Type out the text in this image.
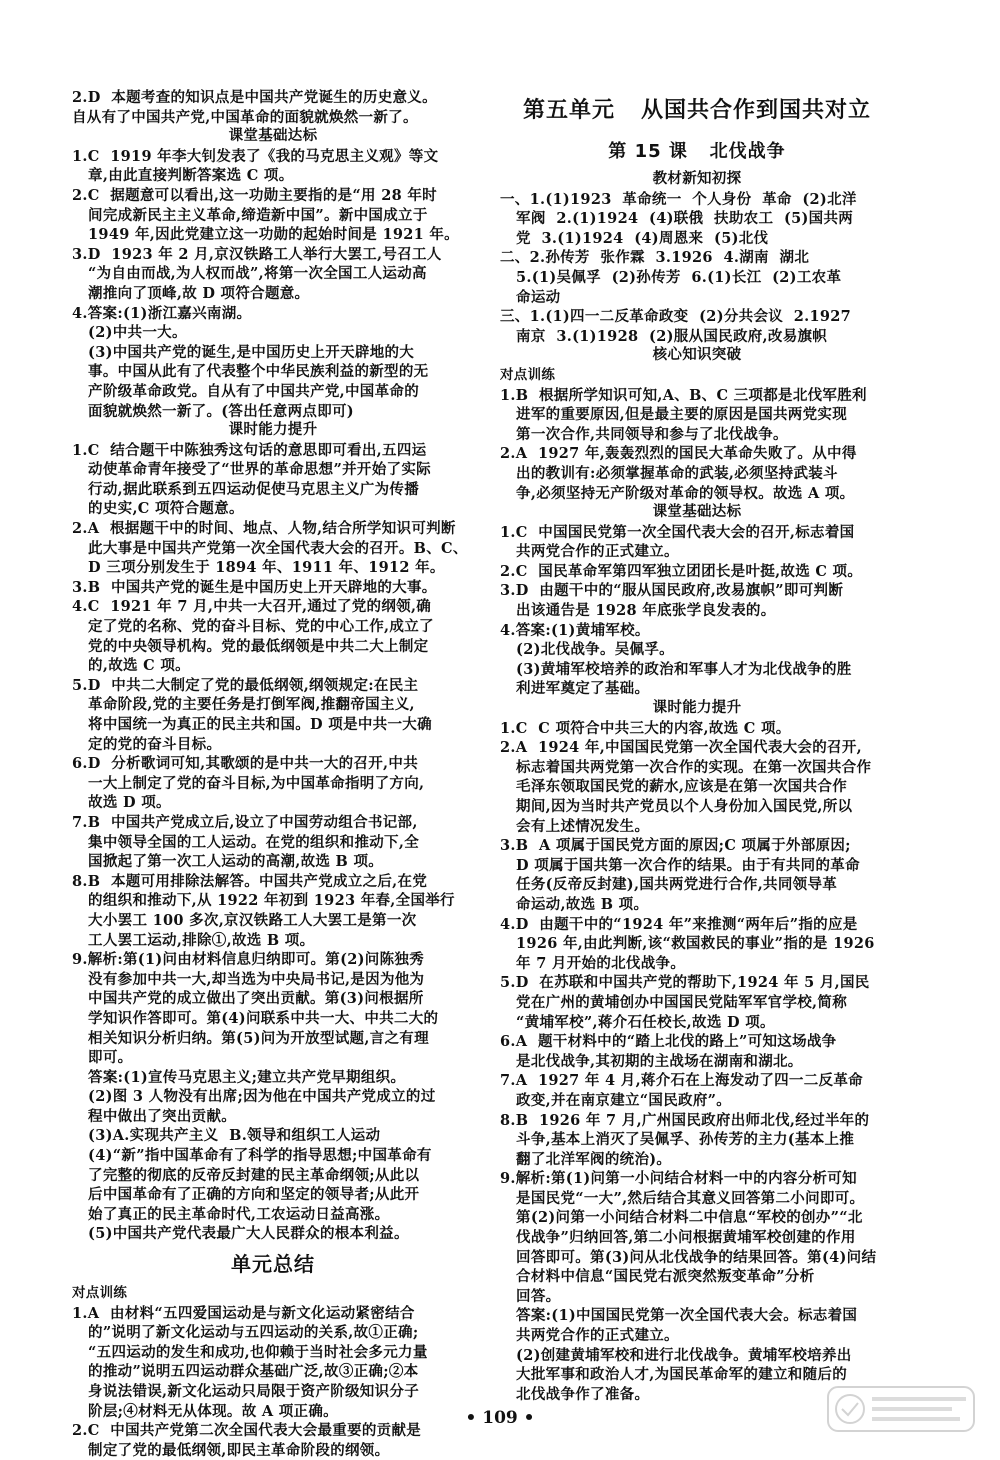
2.D  本题考查的知识点是中国共产党诞生的历史意义。
自从有了中国共产党,中国革命的面貌就焕然一新了。
课堂基础达标
1.C  1919 年李大钊发表了《我的马克思主义观》等文
章,由此直接判断答案选 C 项。
2.C  据题意可以看出,这一功勋主要指的是“用 28 年时
间完成新民主主义革命,缔造新中国”。新中国成立于
1949 年,因此党建立这一功勋的起始时间是 1921 年。
3.D  1923 年 2 月,京汉铁路工人举行大罢工,号召工人
“为自由而战,为人权而战”,将第一次全国工人运动高
潮推向了顶峰,故 D 项符合题意。
4.答案:(1)浙江嘉兴南湖。
(2)中共一大。
(3)中国共产党的诞生,是中国历史上开天辟地的大
事。中国从此有了代表整个中华民族利益的新型的无
产阶级革命政党。自从有了中国共产党,中国革命的
面貌就焕然一新了。(答出任意两点即可)
课时能力提升
1.C  结合题干中陈独秀这句话的意思即可看出,五四运
动使革命青年接受了“世界的革命思想”并开始了实际
行动,据此联系到五四运动促使马克思主义广为传播
的史实,C 项符合题意。
2.A  根据题干中的时间、地点、人物,结合所学知识可判断
此大事是中国共产党第一次全国代表大会的召开。B、C、
D 三项分别发生于 1894 年、1911 年、1912 年。
3.B  中国共产党的诞生是中国历史上开天辟地的大事。
4.C  1921 年 7 月,中共一大召开,通过了党的纲领,确
定了党的名称、党的奋斗目标、党的中心工作,成立了
党的中央领导机构。党的最低纲领是中共二大上制定
的,故选 C 项。
5.D  中共二大制定了党的最低纲领,纲领规定:在民主
革命阶段,党的主要任务是打倒军阀,推翻帝国主义,
将中国统一为真正的民主共和国。D 项是中共一大确
定的党的奋斗目标。
6.D  分析歌词可知,其歌颂的是中共一大的召开,中共
一大上制定了党的奋斗目标,为中国革命指明了方向,
故选 D 项。
7.B  中国共产党成立后,设立了中国劳动组合书记部,
集中领导全国的工人运动。在党的组织和推动下,全
国掀起了第一次工人运动的高潮,故选 B 项。
8.B  本题可用排除法解答。中国共产党成立之后,在党
的组织和推动下,从 1922 年初到 1923 年春,全国举行
大小罢工 100 多次,京汉铁路工人大罢工是第一次
工人罢工运动,排除①,故选 B 项。
9.解析:第(1)问由材料信息归纳即可。第(2)问陈独秀
没有参加中共一大,却当选为中央局书记,是因为他为
中国共产党的成立做出了突出贡献。第(3)问根据所
学知识作答即可。第(4)问联系中共一大、中共二大的
相关知识分析归纳。第(5)问为开放型试题,言之有理
即可。
答案:(1)宣传马克思主义;建立共产党早期组织。
(2)图 3 人物没有出席;因为他在中国共产党成立的过
程中做出了突出贡献。
(3)A.实现共产主义  B.领导和组织工人运动
(4)“新”指中国革命有了科学的指导思想;中国革命有
了完整的彻底的反帝反封建的民主革命纲领;从此以
后中国革命有了正确的方向和坚定的领导者;从此开
始了真正的民主革命时代,工农运动日益高涨。
(5)中国共产党代表最广大人民群众的根本利益。
单元总结
对点训练
1.A  由材料“五四爱国运动是与新文化运动紧密结合
的”说明了新文化运动与五四运动的关系,故①正确;
“五四运动的发生和成功,也仰赖于当时社会多元力量
的推动”说明五四运动群众基础广泛,故③正确;②本
身说法错误,新文化运动只局限于资产阶级知识分子
阶层;④材料无从体现。故 A 项正确。
2.C  中国共产党第二次全国代表大会最重要的贡献是
制定了党的最低纲领,即民主革命阶段的纲领。
第五单元   从国共合作到国共对立
第 15 课   北伐战争
教材新知初探
一、1.(1)1923  革命统一  个人身份  革命  (2)北洋
军阀  2.(1)1924  (4)联俄  扶助农工  (5)国共两
党  3.(1)1924  (4)周恩来  (5)北伐
二、2.孙传芳  张作霖  3.1926  4.湖南  湖北
5.(1)吴佩孚  (2)孙传芳  6.(1)长江  (2)工农革
命运动
三、1.(1)四一二反革命政变  (2)分共会议  2.1927
南京  3.(1)1928  (2)服从国民政府,改易旗帜
核心知识突破
对点训练
1.B  根据所学知识可知,A、B、C 三项都是北伐军胜利
进军的重要原因,但是最主要的原因是国共两党实现
第一次合作,共同领导和参与了北伐战争。
2.A  1927 年,轰轰烈烈的国民大革命失败了。从中得
出的教训有:必须掌握革命的武装,必须坚持武装斗
争,必须坚持无产阶级对革命的领导权。故选 A 项。
课堂基础达标
1.C  中国国民党第一次全国代表大会的召开,标志着国
共两党合作的正式建立。
2.C  国民革命军第四军独立团团长是叶挺,故选 C 项。
3.D  由题干中的“服从国民政府,改易旗帜”即可判断
出该通告是 1928 年底张学良发表的。
4.答案:(1)黄埔军校。
(2)北伐战争。吴佩孚。
(3)黄埔军校培养的政治和军事人才为北伐战争的胜
利进军奠定了基础。
课时能力提升
1.C  C 项符合中共三大的内容,故选 C 项。
2.A  1924 年,中国国民党第一次全国代表大会的召开,
标志着国共两党第一次合作的实现。在第一次国共合作
毛泽东领取国民党的薪水,应该是在第一次国共合作
期间,因为当时共产党员以个人身份加入国民党,所以
会有上述情况发生。
3.B  A 项属于国民党方面的原因;C 项属于外部原因;
D 项属于国共第一次合作的结果。由于有共同的革命
任务(反帝反封建),国共两党进行合作,共同领导革
命运动,故选 B 项。
4.D  由题干中的“1924 年”来推测“两年后”指的应是
1926 年,由此判断,该“救国救民的事业”指的是 1926
年 7 月开始的北伐战争。
5.D  在苏联和中国共产党的帮助下,1924 年 5 月,国民
党在广州的黄埔创办中国国民党陆军军官学校,简称
“黄埔军校”,蒋介石任校长,故选 D 项。
6.A  题干材料中的“踏上北伐的路上”可知这场战争
是北伐战争,其初期的主战场在湖南和湖北。
7.A  1927 年 4 月,蒋介石在上海发动了四一二反革命
政变,并在南京建立“国民政府”。
8.B  1926 年 7 月,广州国民政府出师北伐,经过半年的
斗争,基本上消灭了吴佩孚、孙传芳的主力(基本上推
翻了北洋军阀的统治)。
9.解析:第(1)问第一小问结合材料一中的内容分析可知
是国民党“一大”,然后结合其意义回答第二小问即可。
第(2)问第一小问结合材料二中信息“军校的创办”“北
伐战争”归纳回答,第二小问根据黄埔军校创建的作用
回答即可。第(3)问从北伐战争的结果回答。第(4)问结
合材料中信息“国民党右派突然叛变革命”分析
回答。
答案:(1)中国国民党第一次全国代表大会。标志着国
共两党合作的正式建立。
(2)创建黄埔军校和进行北伐战争。黄埔军校培养出
大批军事和政治人才,为国民革命军的建立和随后的
北伐战争作了准备。
• 109 •
